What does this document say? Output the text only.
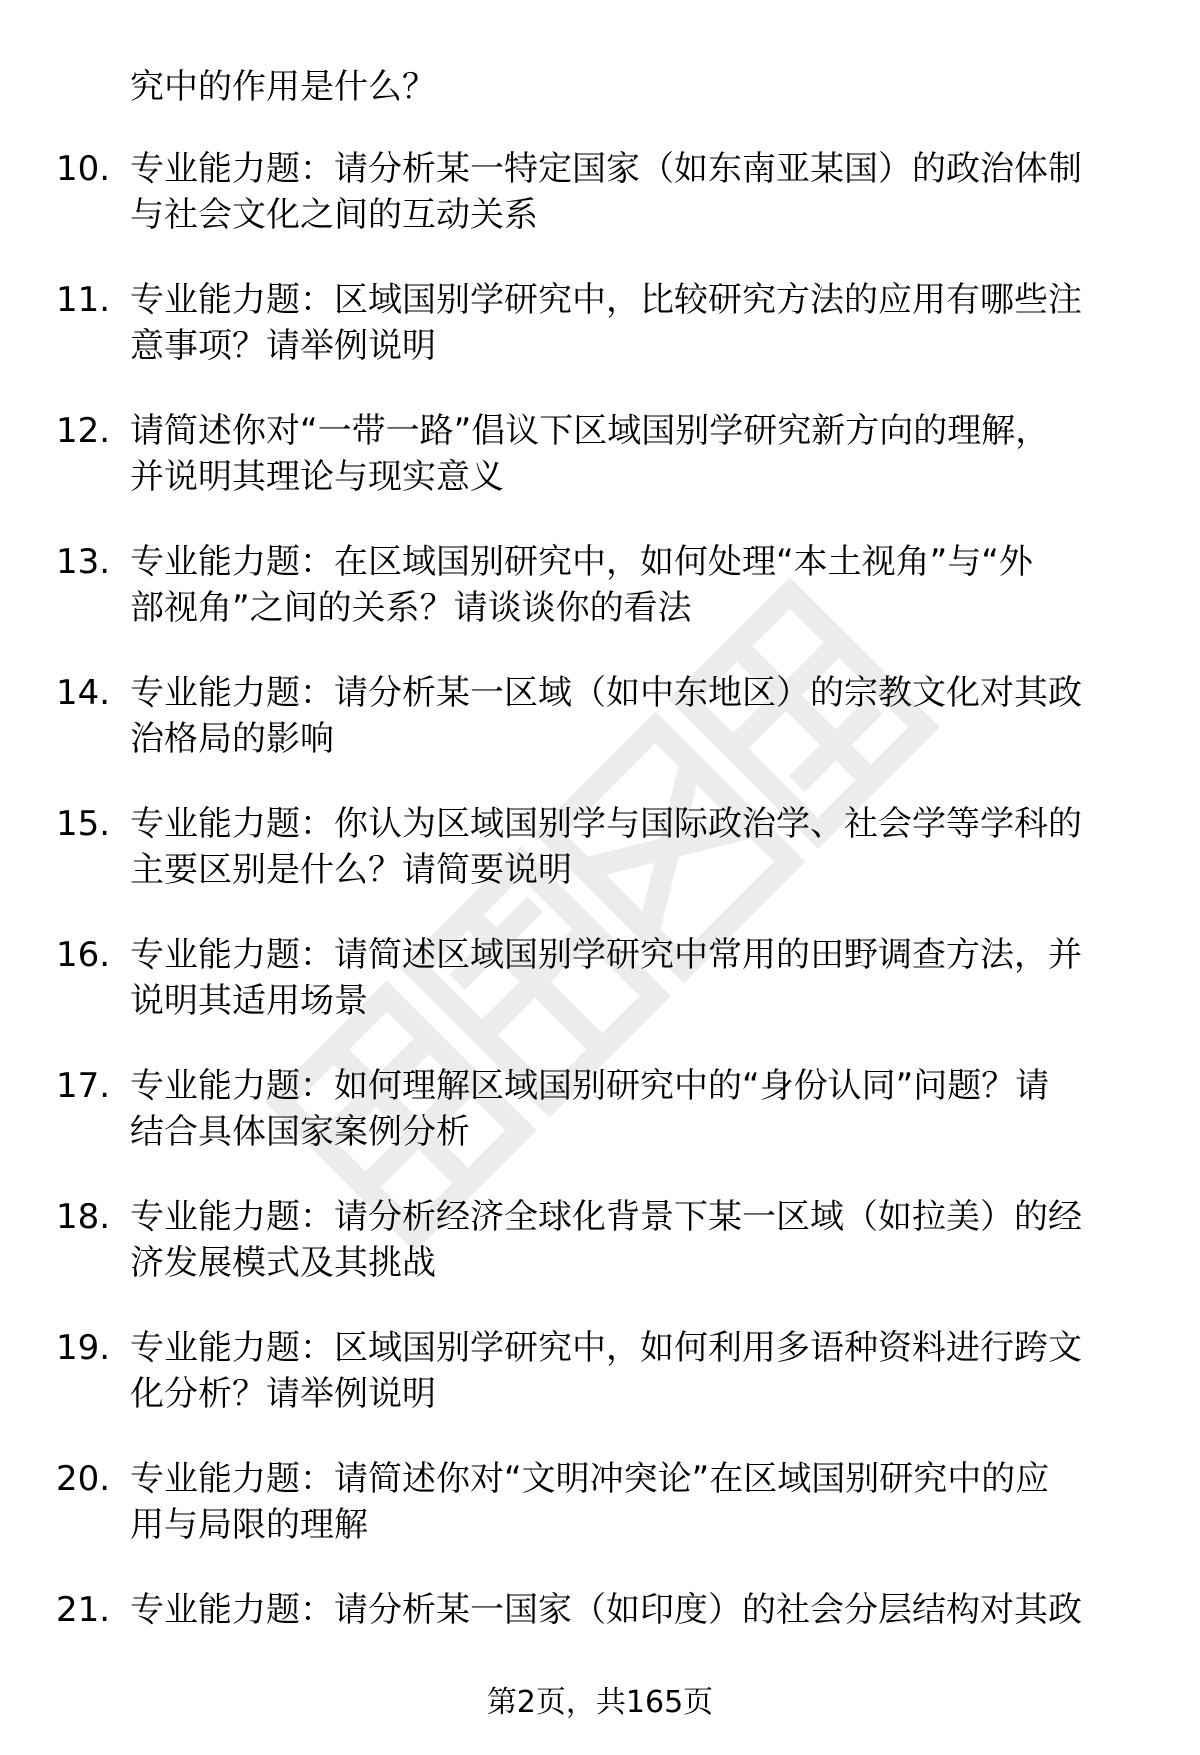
究中的作用是什么？
10. 专业能力题：请分析某一特定国家（如东南亚某国）的政治体制
与社会文化之间的互动关系
11. 专业能力题：区域国别学研究中，比较研究方法的应用有哪些注
意事项？请举例说明
12. 请简述你对“一带一路”倡议下区域国别学研究新方向的理解，
并说明其理论与现实意义
13. 专业能力题：在区域国别研究中，如何处理“本土视角”与“外
部视角”之间的关系？请谈谈你的看法
14. 专业能力题：请分析某一区域（如中东地区）的宗教文化对其政
治格局的影响
15. 专业能力题：你认为区域国别学与国际政治学、社会学等学科的
主要区别是什么？请简要说明
16. 专业能力题：请简述区域国别学研究中常用的田野调查方法，并
说明其适用场景
17. 专业能力题：如何理解区域国别研究中的“身份认同”问题？请
结合具体国家案例分析
18. 专业能力题：请分析经济全球化背景下某一区域（如拉美）的经
济发展模式及其挑战
19. 专业能力题：区域国别学研究中，如何利用多语种资料进行跨文
化分析？请举例说明
20. 专业能力题：请简述你对“文明冲突论”在区域国别研究中的应
用与局限的理解
21. 专业能力题：请分析某一国家（如印度）的社会分层结构对其政
第2页，共165页
